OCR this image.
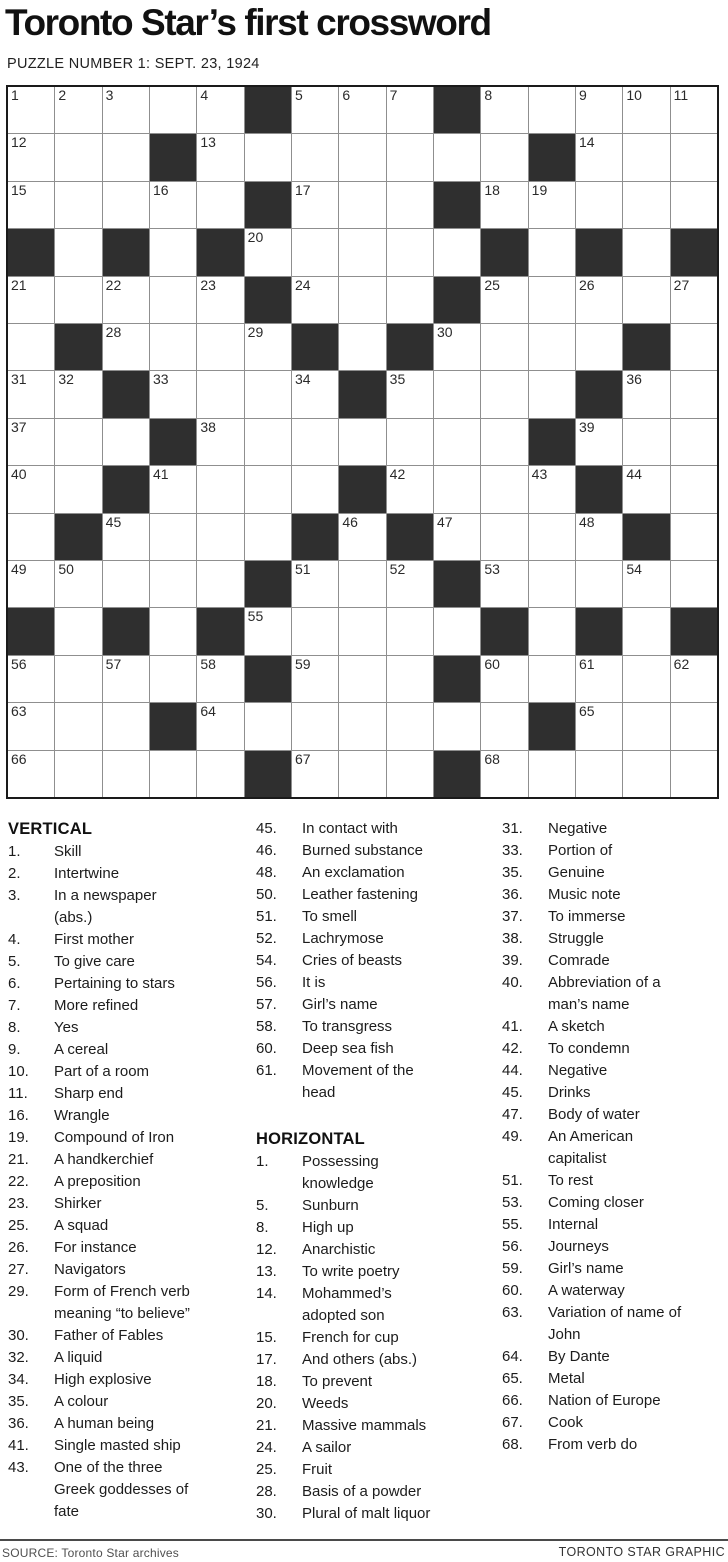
Toronto Star’s first crossword
PUZZLE NUMBER 1: SEPT. 23, 1924
1	2	3	4	5	6	7	8	9	10 11
12	13	14
15	16	17	18 19
20
21	22	23	24	25	26	27
28	29	30
31 32	33	34	35	36
37	38	39
40	41	42	43	44
45	46	47	48
49 50	51	52	53	54
55
56	57	58	59	60	61	62
63	64	65
66	67	68
VERTICAL
1.	Skill
2.	Intertwine
3.	In a newspaper (abs.)
4.	First mother
5.	To give care
6.	Pertaining to stars
7.	More refined
8.	Yes
9.	A cereal
10.	Part of a room
11.	Sharp end
16.	Wrangle
19.	Compound of Iron
21.	A handkerchief
22.	A preposition
23.	Shirker
25.	A squad
26.	For instance
27.	Navigators
29.	Form of French verb meaning “to believe”
30.	Father of Fables
32.	A liquid
34.	High explosive
35.	A colour
36.	A human being
41.	Single masted ship
43.	One of the three Greek goddesses of fate
45.	In contact with
46.	Burned substance
48.	An exclamation
50.	Leather fastening
51.	To smell
52.	Lachrymose
54.	Cries of beasts
56.	It is
57.	Girl’s name
58.	To transgress
60.	Deep sea fish
61.	Movement of the head
HORIZONTAL
1.	Possessing knowledge
5.	Sunburn
8.	High up
12.	Anarchistic
13.	To write poetry
14.	Mohammed’s adopted son
15.	French for cup
17.	And others (abs.)
18.	To prevent
20.	Weeds
21.	Massive mammals
24.	A sailor
25.	Fruit
28.	Basis of a powder
30.	Plural of malt liquor
31.	Negative
33.	Portion of
35.	Genuine
36.	Music note
37.	To immerse
38.	Struggle
39.	Comrade
40.	Abbreviation of a man’s name
41.	A sketch
42.	To condemn
44.	Negative
45.	Drinks
47.	Body of water
49.	An American capitalist
51.	To rest
53.	Coming closer
55.	Internal
56.	Journeys
59.	Girl’s name
60.	A waterway
63.	Variation of name of John
64.	By Dante
65.	Metal
66.	Nation of Europe
67.	Cook
68.	From verb do
SOURCE: Toronto Star archives	TORONTO STAR GRAPHIC
